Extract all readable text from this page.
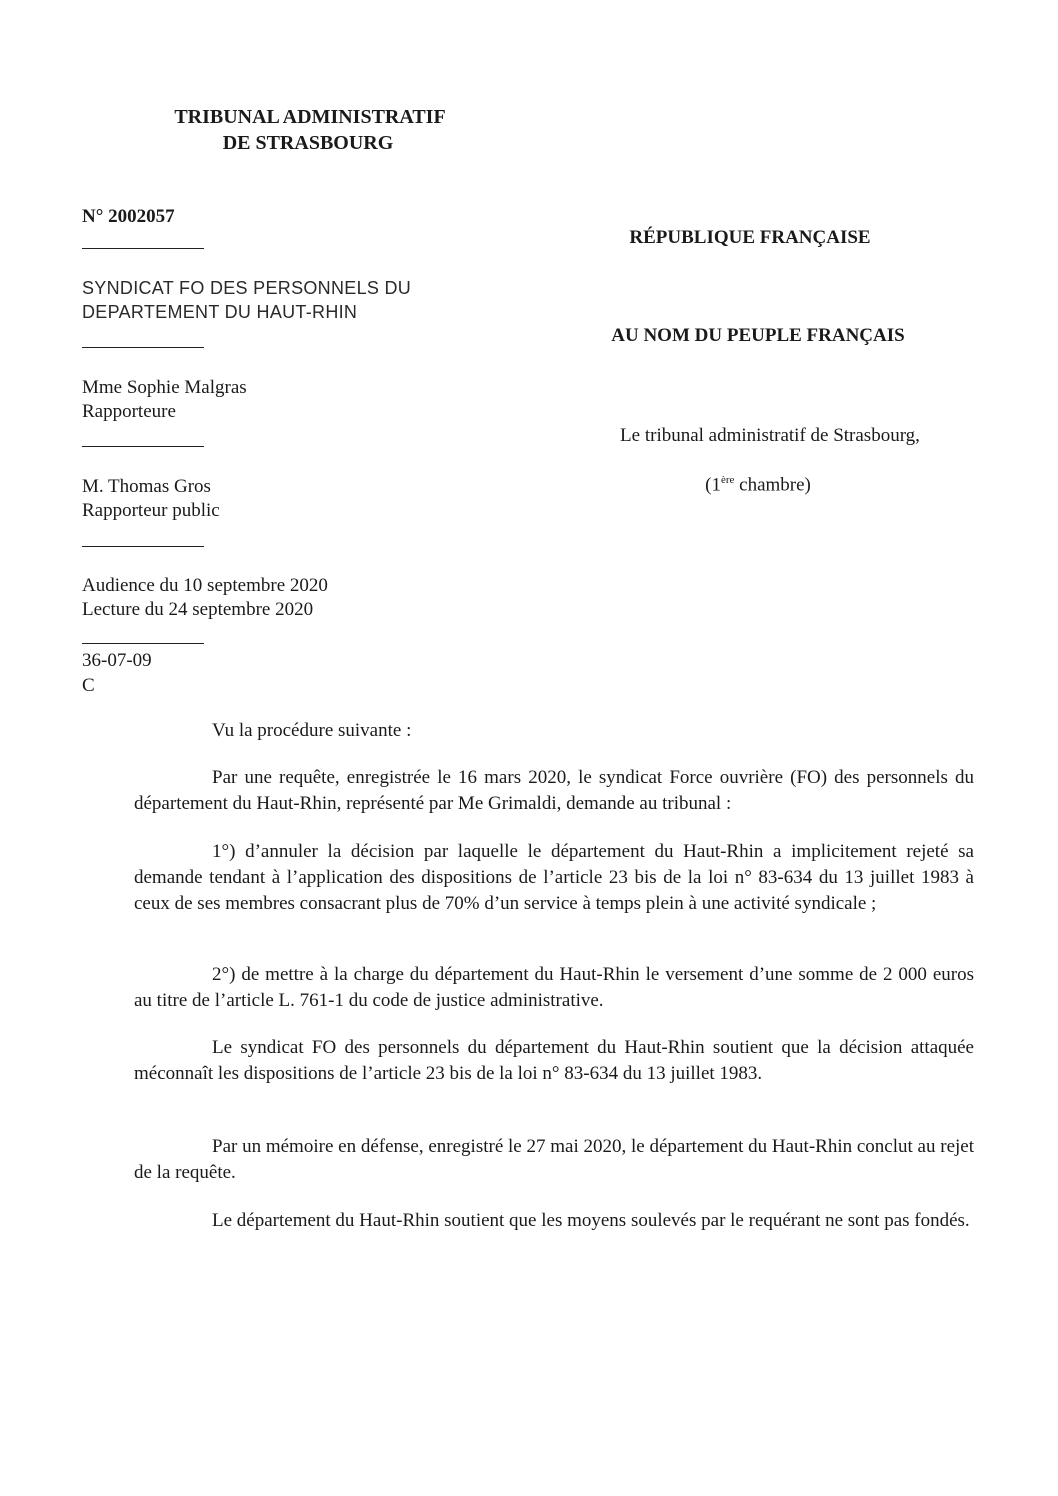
TRIBUNAL ADMINISTRATIF
DE STRASBOURG
N° 2002057
SYNDICAT FO DES PERSONNELS DU
DEPARTEMENT DU HAUT-RHIN
Mme Sophie Malgras
Rapporteure
M. Thomas Gros
Rapporteur public
Audience du 10 septembre 2020
Lecture du 24 septembre 2020
36-07-09
C
RÉPUBLIQUE FRANÇAISE
AU NOM DU PEUPLE FRANÇAIS
Le tribunal administratif de Strasbourg,
(1ère chambre)
Vu la procédure suivante :

Par une requête, enregistrée le 16 mars 2020, le syndicat Force ouvrière (FO) des personnels du département du Haut-Rhin, représenté par Me Grimaldi, demande au tribunal :

1°) d’annuler la décision par laquelle le département du Haut-Rhin a implicitement rejeté sa demande tendant à l’application des dispositions de l’article 23 bis de la loi n° 83-634 du 13 juillet 1983 à ceux de ses membres consacrant plus de 70% d’un service à temps plein à une activité syndicale ;

2°) de mettre à la charge du département du Haut-Rhin le versement d’une somme de 2 000 euros au titre de l’article L. 761-1 du code de justice administrative.

Le syndicat FO des personnels du département du Haut-Rhin soutient que la décision attaquée méconnaît les dispositions de l’article 23 bis de la loi n° 83-634 du 13 juillet 1983.

Par un mémoire en défense, enregistré le 27 mai 2020, le département du Haut-Rhin conclut au rejet de la requête.

Le département du Haut-Rhin soutient que les moyens soulevés par le requérant ne sont pas fondés.
